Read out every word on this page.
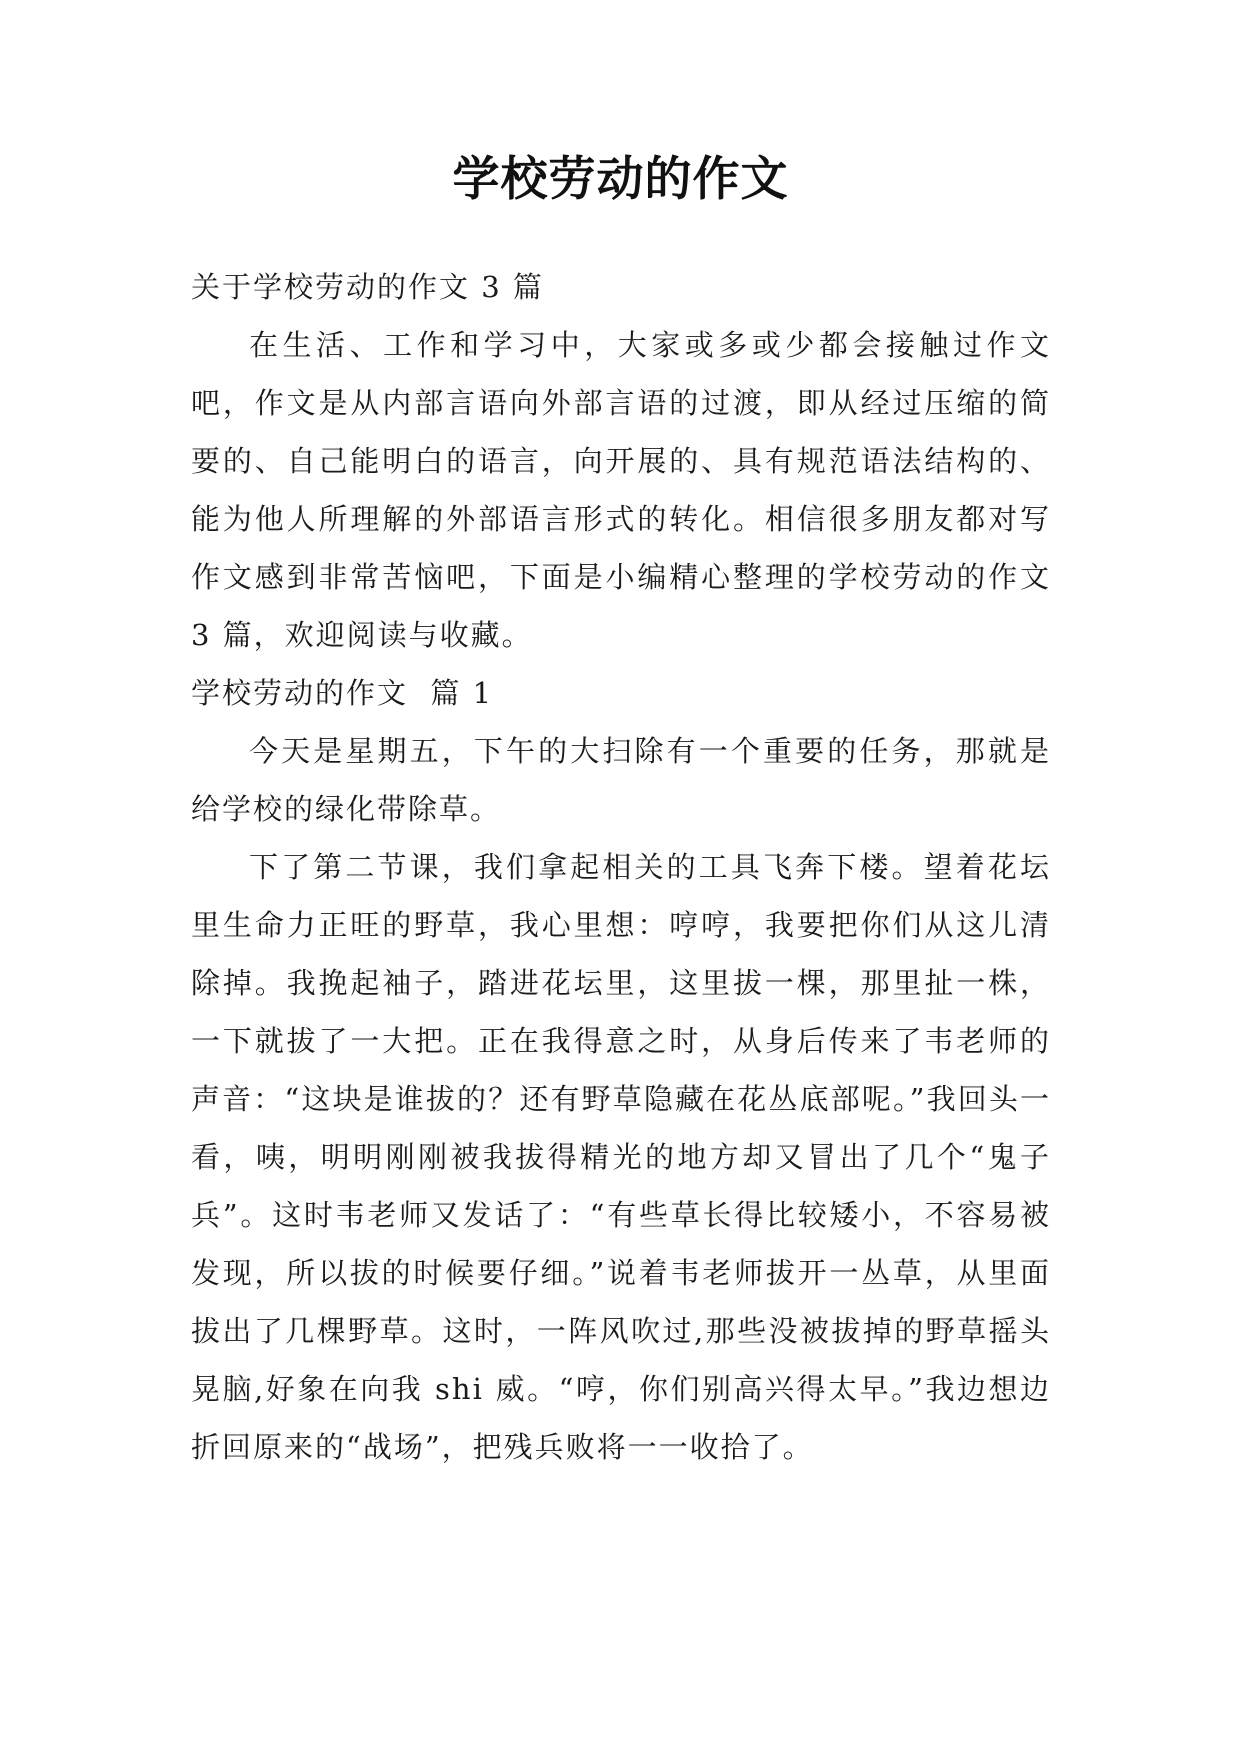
学校劳动的作文
关于学校劳动的作文 3 篇

在生活、工作和学习中，大家或多或少都会接触过作文吧，作文是从内部言语向外部言语的过渡，即从经过压缩的简要的、自己能明白的语言，向开展的、具有规范语法结构的、能为他人所理解的外部语言形式的转化。相信很多朋友都对写作文感到非常苦恼吧，下面是小编精心整理的学校劳动的作文 3 篇，欢迎阅读与收藏。

学校劳动的作文  篇 1

今天是星期五，下午的大扫除有一个重要的任务，那就是给学校的绿化带除草。

下了第二节课，我们拿起相关的工具飞奔下楼。望着花坛里生命力正旺的野草，我心里想：哼哼，我要把你们从这儿清除掉。我挽起袖子，踏进花坛里，这里拔一棵，那里扯一株，一下就拔了一大把。正在我得意之时，从身后传来了韦老师的声音：“这块是谁拔的？还有野草隐藏在花丛底部呢。”我回头一看，咦，明明刚刚被我拔得精光的地方却又冒出了几个“鬼子兵”。这时韦老师又发话了：“有些草长得比较矮小，不容易被发现，所以拔的时候要仔细。”说着韦老师拔开一丛草，从里面拔出了几棵野草。这时，一阵风吹过,那些没被拔掉的野草摇头晃脑,好象在向我 shi 威。“哼，你们别高兴得太早。”我边想边折回原来的“战场”，把残兵败将一一收拾了。
